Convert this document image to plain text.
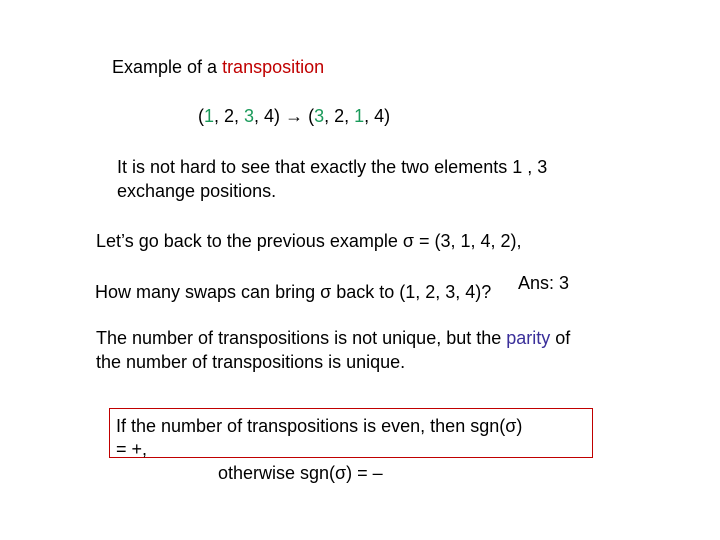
Example of a transposition
(1, 2, 3, 4) → (3, 2, 1, 4)
It is not hard to see that exactly the two elements 1 , 3
exchange positions.
Let’s go back to the previous example σ = (3, 1, 4, 2),
How many swaps can bring σ back to (1, 2, 3, 4)? Ans: 3
The number of transpositions is not unique, but the parity of
the number of transpositions is unique.
If the number of transpositions is even, then sgn(σ)
= +,
otherwise sgn(σ) = –
